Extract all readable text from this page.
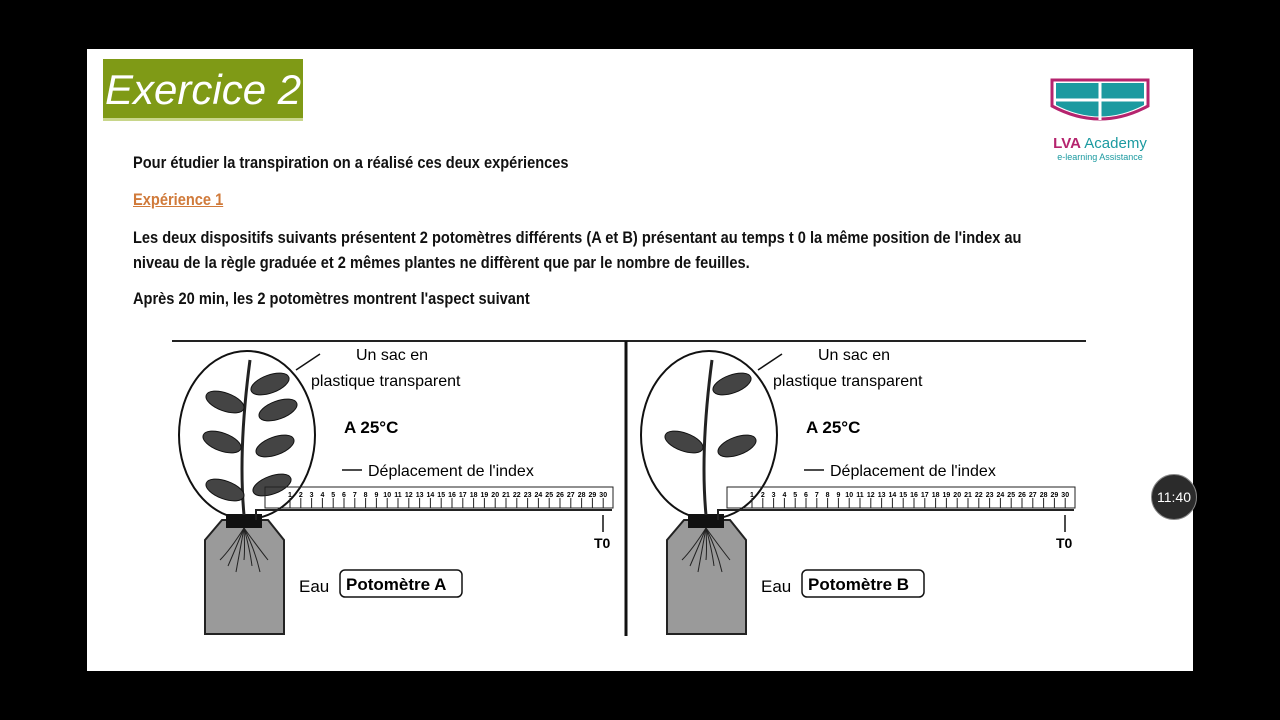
Exercice 2
LVA Academy
e-learning Assistance
Pour étudier la transpiration on a réalisé ces deux expériences
Expérience 1
Les deux dispositifs suivants présentent 2 potomètres différents (A et B) présentant au temps t 0 la même position de l'index au
niveau de la règle graduée et 2 mêmes plantes ne diffèrent que par le nombre de feuilles.
Après 20 min, les 2 potomètres montrent l'aspect suivant
1 2 3 4 5 6 7 8 9 10 11 12 13 14 15 16 17 18 19 20 21 22 23 24 25 26 27 28 29 30
Un sac en
plastique transparent
A 25°C
Déplacement de l'index
T0
Eau Potomètre A
1 2 3 4 5 6 7 8 9 10 11 12 13 14 15 16 17 18 19 20 21 22 23 24 25 26 27 28 29 30
Un sac en
plastique transparent
A 25°C
Déplacement de l'index
T0
Eau Potomètre B
11:40
